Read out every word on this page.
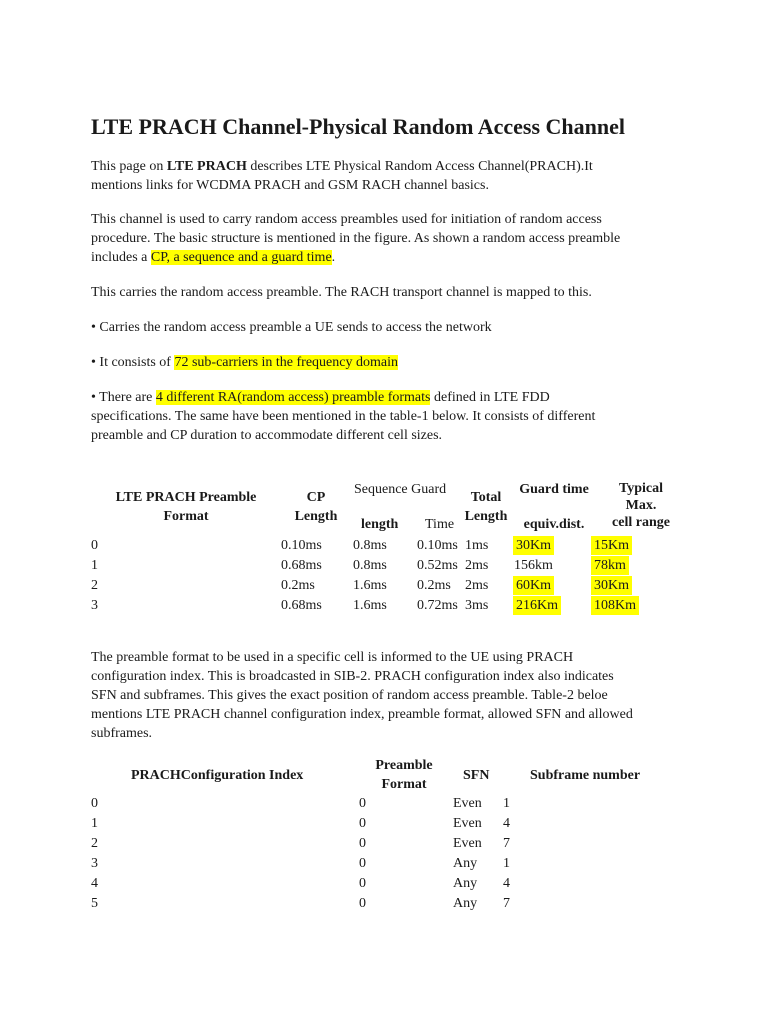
LTE PRACH Channel-Physical Random Access Channel

This page on LTE PRACH describes LTE Physical Random Access Channel(PRACH).It
mentions links for WCDMA PRACH and GSM RACH channel basics.

This channel is used to carry random access preambles used for initiation of random access
procedure. The basic structure is mentioned in the figure. As shown a random access preamble
includes a CP, a sequence and a guard time.

This carries the random access preamble. The RACH transport channel is mapped to this.

• Carries the random access preamble a UE sends to access the network

• It consists of 72 sub-carriers in the frequency domain

• There are 4 different RA(random access) preamble formats defined in LTE FDD
specifications. The same have been mentioned in the table-1 below. It consists of different
preamble and CP duration to accommodate different cell sizes.

LTE PRACH Preamble
Format
CP
Length
Sequence Guard
length Time
Total
Length
Guard time
equiv.dist.
Typical
Max.
cell range
0	0.10ms 0.8ms 0.10ms 1ms 30Km	15Km
1	0.68ms 0.8ms 0.52ms 2ms 156km	78km
2	0.2ms	1.6ms 0.2ms 2ms 60Km	30Km
3	0.68ms 1.6ms 0.72ms 3ms 216Km	108Km

The preamble format to be used in a specific cell is informed to the UE using PRACH
configuration index. This is broadcasted in SIB-2. PRACH configuration index also indicates
SFN and subframes. This gives the exact position of random access preamble. Table-2 beloe
mentions LTE PRACH channel configuration index, preamble format, allowed SFN and allowed
subframes.

PRACHConfiguration Index
Preamble
Format
SFN	Subframe number
0	0	Even 1
1	0	Even 4
2	0	Even 7
3	0	Any 1
4	0	Any 4
5	0	Any 7
